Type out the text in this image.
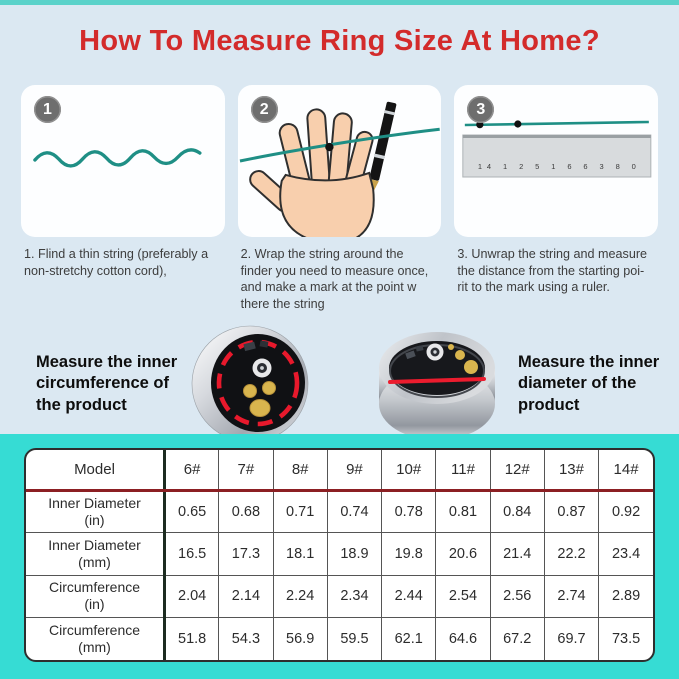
How To Measure Ring Size At Home?
1	2	3
14 1 2 5 1 6 6 3 8 0
1. Flind a thin string (preferably a non-stretchy cotton cord),
2. Wrap the string around the finder you need to measure once, and make a mark at the point w there the string
3. Unwrap the string and measure the distance from the starting poi- rit to the mark using a ruler.
Measure the inner circumference of the product
Measure the inner diameter of the product
Model	6#	7#	8#	9#	10#	11#	12#	13#	14#

Inner Diameter
(in)	0.65	0.68	0.71	0.74	0.78	0.81	0.84	0.87	0.92

Inner Diameter
(mm)	16.5	17.3	18.1	18.9	19.8	20.6	21.4	22.2	23.4

Circumference
(in)	2.04	2.14	2.24	2.34	2.44	2.54	2.56	2.74	2.89

Circumference
(mm)	51.8	54.3	56.9	59.5	62.1	64.6	67.2	69.7	73.5
